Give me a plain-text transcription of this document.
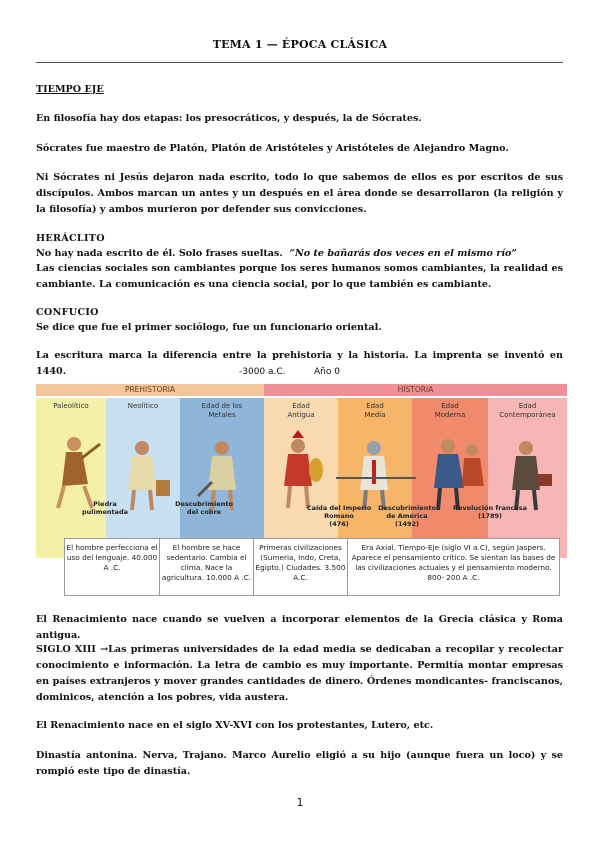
TEMA 1 — ÉPOCA CLÁSICA

TIEMPO EJE

En filosofía hay dos etapas: los presocráticos, y después, la de Sócrates.

Sócrates fue maestro de Platón, Platón de Aristóteles y Aristóteles de Alejandro Magno.

Ni Sócrates ni Jesús dejaron nada escrito, todo lo que sabemos de ellos es por escritos de sus discípulos. Ambos marcan un antes y un después en el área donde se desarrollaron (la religión y la filosofía) y ambos murieron por defender sus convicciones.

HERÁCLITO

No hay nada escrito de él. Solo frases sueltas. “No te bañarás dos veces en el mismo río”

Las ciencias sociales son cambiantes porque los seres humanos somos cambiantes, la realidad es cambiante. La comunicación es una ciencia social, por lo que también es cambiante.

CONFUCIO

Se dice que fue el primer sociólogo, fue un funcionario oriental.

La escritura marca la diferencia entre la prehistoria y la historia. La imprenta se inventó en 1440.	-3000 a.C.	Año 0
PREHISTORIA	HISTORIA
Paleolítico	Neolítico	Edad de los Metales
Edad Antigua
Edad Media
Edad Moderna
Edad Contemporánea
Piedra pulimentada
Descubrimiento del cobre	Caída del Imperio Romano
(476)
Descubrimiento de América
(1492)
Revolución francesa
(1789)
El hombre perfecciona el uso del lenguaje. 40.000 A .C.
El hombre se hace sedentario. Cambia el clima. Nace la agricultura. 10.000 A .C.
Primeras civilizaciones (Sumeria, Indo, Creta, Egipto.) Ciudades. 3.500 A.C.
Era Axial. Tiempo-Eje (siglo VI a.C), según Jaspers. Aparece el pensamiento crítico. Se sientan las bases de las civilizaciones actuales y el pensamiento moderno. 800- 200 A .C.

El Renacimiento nace cuando se vuelven a incorporar elementos de la Grecia clásica y Roma antigua.

SIGLO XIII →Las primeras universidades de la edad media se dedicaban a recopilar y recolectar conocimiento e información. La letra de cambio es muy importante. Permitía montar empresas en países extranjeros y mover grandes cantidades de dinero. Órdenes mondicantes- franciscanos, dominicos, atención a los pobres, vida austera.

El Renacimiento nace en el siglo XV-XVI con los protestantes, Lutero, etc.

Dinastía antonina. Nerva, Trajano. Marco Aurelio eligió a su hijo (aunque fuera un loco) y se rompió este tipo de dinastía.

1
